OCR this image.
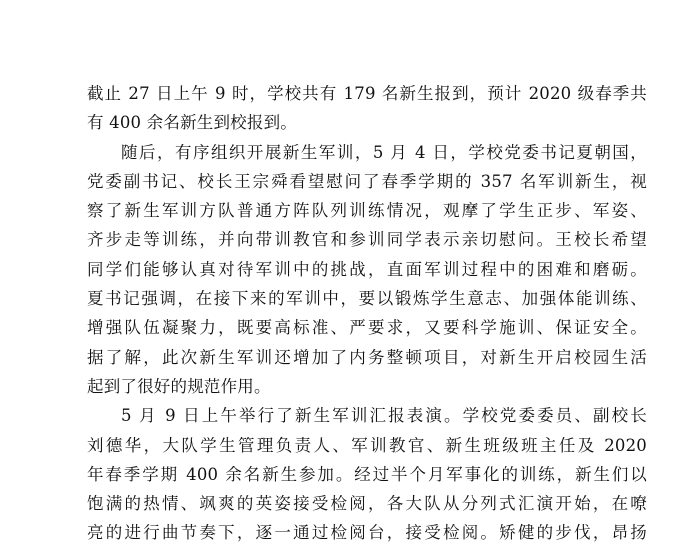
截止 27 日上午 9 时，学校共有 179 名新生报到，预计 2020 级春季共
有 400 余名新生到校报到。
随后，有序组织开展新生军训，5 月 4 日，学校党委书记夏朝国，
党委副书记、校长王宗舜看望慰问了春季学期的 357 名军训新生，视
察了新生军训方队普通方阵队列训练情况，观摩了学生正步、军姿、
齐步走等训练，并向带训教官和参训同学表示亲切慰问。王校长希望
同学们能够认真对待军训中的挑战，直面军训过程中的困难和磨砺。
夏书记强调，在接下来的军训中，要以锻炼学生意志、加强体能训练、
增强队伍凝聚力，既要高标准、严要求，又要科学施训、保证安全。
据了解，此次新生军训还增加了内务整顿项目，对新生开启校园生活
起到了很好的规范作用。
5 月 9 日上午举行了新生军训汇报表演。学校党委委员、副校长
刘德华，大队学生管理负责人、军训教官、新生班级班主任及 2020
年春季学期 400 余名新生参加。经过半个月军事化的训练，新生们以
饱满的热情、飒爽的英姿接受检阅，各大队从分列式汇演开始，在嘹
亮的进行曲节奏下，逐一通过检阅台，接受检阅。矫健的步伐，昂扬
